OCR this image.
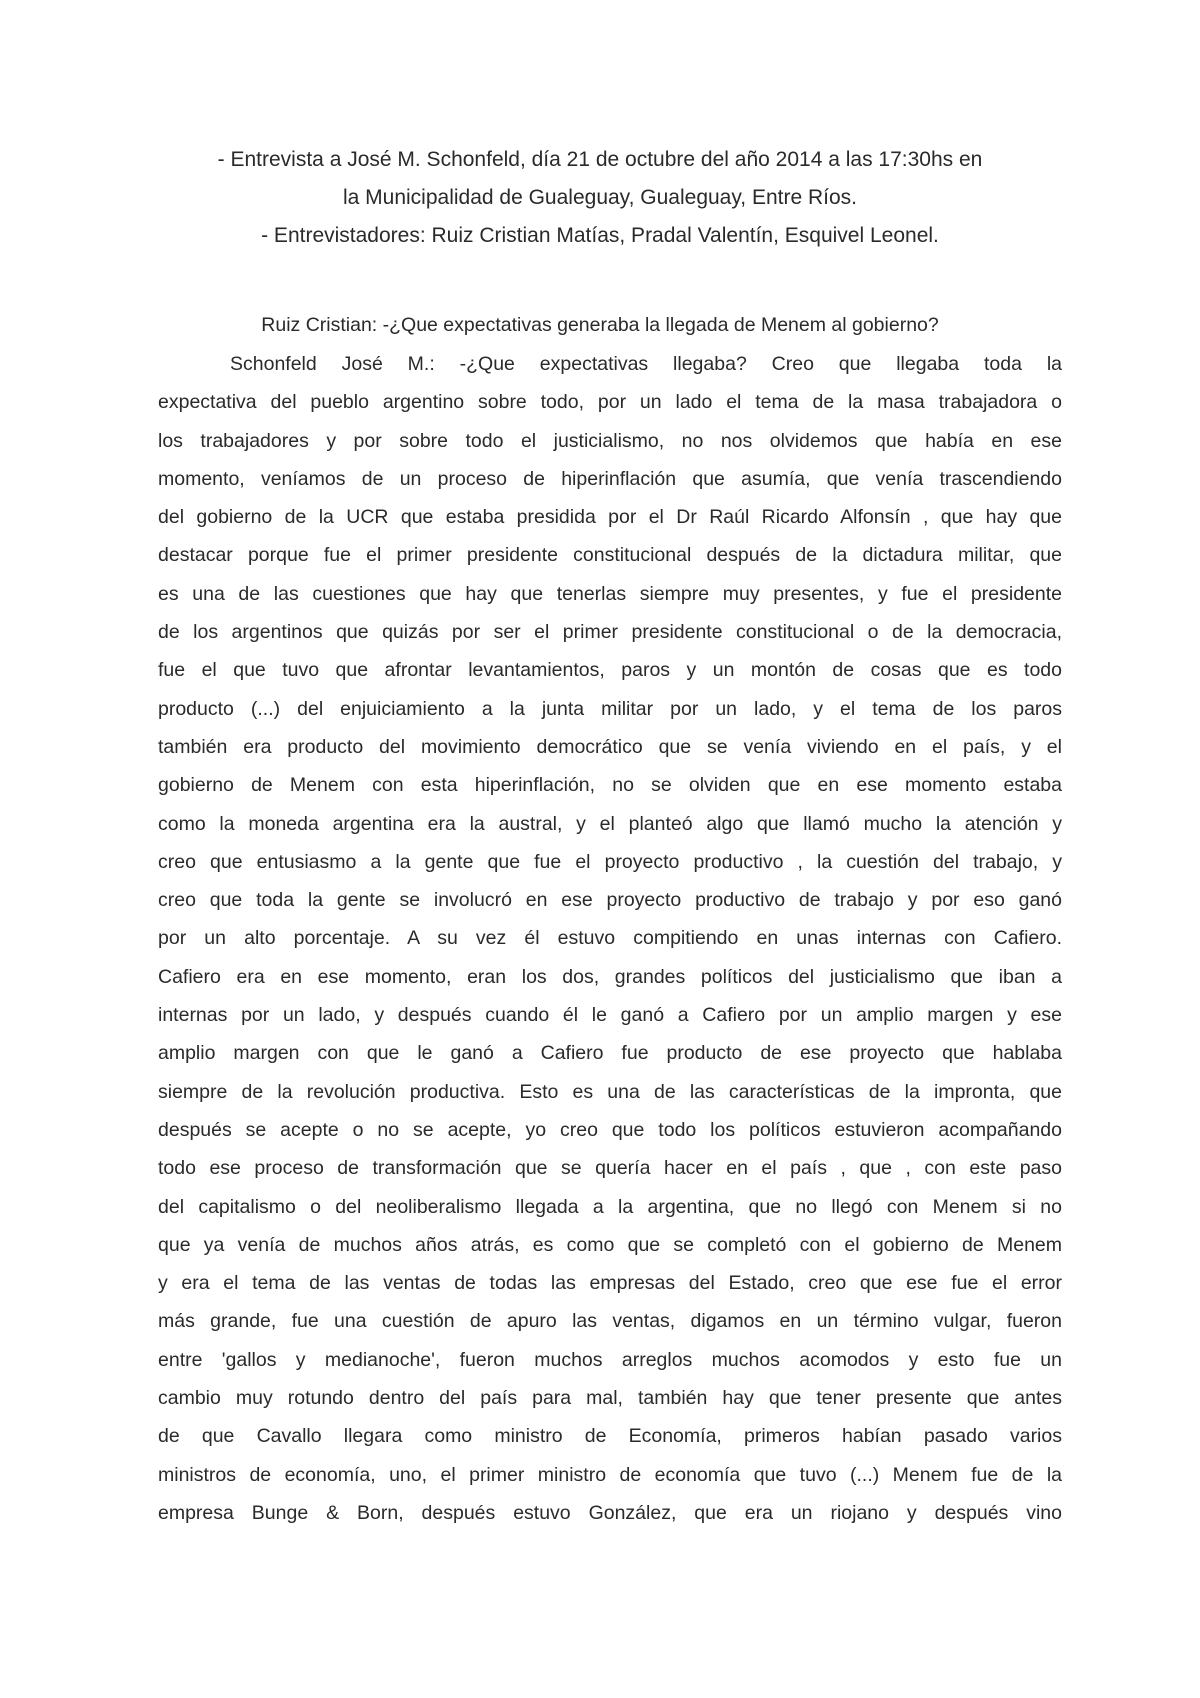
- Entrevista a José M. Schonfeld, día 21 de octubre del año 2014 a las 17:30hs en
la Municipalidad de Gualeguay, Gualeguay, Entre Ríos.
- Entrevistadores: Ruiz Cristian Matías, Pradal Valentín, Esquivel Leonel.
Ruiz Cristian: -¿Que expectativas generaba la llegada de Menem al gobierno?
Schonfeld José M.: -¿Que expectativas llegaba? Creo que llegaba toda la
expectativa del pueblo argentino sobre todo, por un lado el tema de la masa trabajadora o
los trabajadores y por sobre todo el justicialismo, no nos olvidemos que había en ese
momento, veníamos de un proceso de hiperinflación que asumía, que venía trascendiendo
del gobierno de la UCR que estaba presidida por el Dr Raúl Ricardo Alfonsín , que hay que
destacar porque fue el primer presidente constitucional después de la dictadura militar, que
es una de las cuestiones que hay que tenerlas siempre muy presentes, y fue el presidente
de los argentinos que quizás por ser el primer presidente constitucional o de la democracia,
fue el que tuvo que afrontar levantamientos, paros y un montón de cosas que es todo
producto (...) del enjuiciamiento a la junta militar por un lado, y el tema de los paros
también era producto del movimiento democrático que se venía viviendo en el país, y el
gobierno de Menem con esta hiperinflación, no se olviden que en ese momento estaba
como la moneda argentina era la austral, y el planteó algo que llamó mucho la atención y
creo que entusiasmo a la gente que fue el proyecto productivo , la cuestión del trabajo, y
creo que toda la gente se involucró en ese proyecto productivo de trabajo y por eso ganó
por un alto porcentaje. A su vez él estuvo compitiendo en unas internas con Cafiero.
Cafiero era en ese momento, eran los dos, grandes políticos del justicialismo que iban a
internas por un lado, y después cuando él le ganó a Cafiero por un amplio margen y ese
amplio margen con que le ganó a Cafiero fue producto de ese proyecto que hablaba
siempre de la revolución productiva. Esto es una de las características de la impronta, que
después se acepte o no se acepte, yo creo que todo los políticos estuvieron acompañando
todo ese proceso de transformación que se quería hacer en el país , que , con este paso
del capitalismo o del neoliberalismo llegada a la argentina, que no llegó con Menem si no
que ya venía de muchos años atrás, es como que se completó con el gobierno de Menem
y era el tema de las ventas de todas las empresas del Estado, creo que ese fue el error
más grande, fue una cuestión de apuro las ventas, digamos en un término vulgar, fueron
entre 'gallos y medianoche', fueron muchos arreglos muchos acomodos y esto fue un
cambio muy rotundo dentro del país para mal, también hay que tener presente que antes
de que Cavallo llegara como ministro de Economía, primeros habían pasado varios
ministros de economía, uno, el primer ministro de economía que tuvo (...) Menem fue de la
empresa Bunge & Born, después estuvo González, que era un riojano y después vino
